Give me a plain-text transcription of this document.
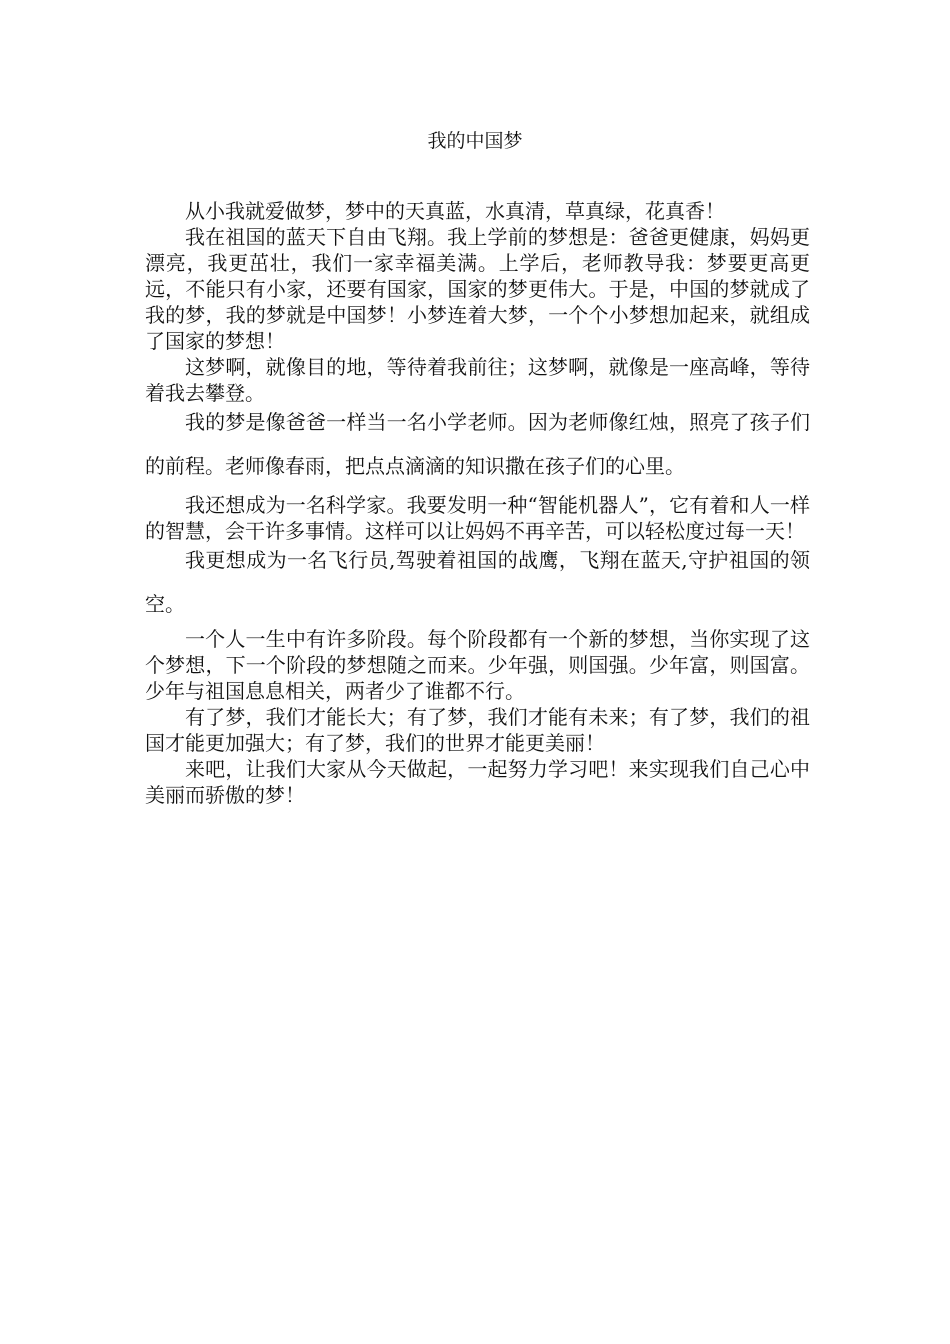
我的中国梦

从小我就爱做梦，梦中的天真蓝，水真清，草真绿，花真香！

我在祖国的蓝天下自由飞翔。我上学前的梦想是：爸爸更健康，妈妈更漂亮，我更茁壮，我们一家幸福美满。上学后，老师教导我：梦要更高更远，不能只有小家，还要有国家，国家的梦更伟大。于是，中国的梦就成了我的梦，我的梦就是中国梦！小梦连着大梦，一个个小梦想加起来，就组成了国家的梦想！

这梦啊，就像目的地，等待着我前往；这梦啊，就像是一座高峰，等待着我去攀登。

我的梦是像爸爸一样当一名小学老师。因为老师像红烛，照亮了孩子们的前程。老师像春雨，把点点滴滴的知识撒在孩子们的心里。

我还想成为一名科学家。我要发明一种“智能机器人”，它有着和人一样的智慧，会干许多事情。这样可以让妈妈不再辛苦，可以轻松度过每一天！

我更想成为一名飞行员,驾驶着祖国的战鹰，飞翔在蓝天,守护祖国的领空。

一个人一生中有许多阶段。每个阶段都有一个新的梦想，当你实现了这个梦想，下一个阶段的梦想随之而来。少年强，则国强。少年富，则国富。少年与祖国息息相关，两者少了谁都不行。

有了梦，我们才能长大；有了梦，我们才能有未来；有了梦，我们的祖国才能更加强大；有了梦，我们的世界才能更美丽！

来吧，让我们大家从今天做起，一起努力学习吧！来实现我们自己心中美丽而骄傲的梦！
